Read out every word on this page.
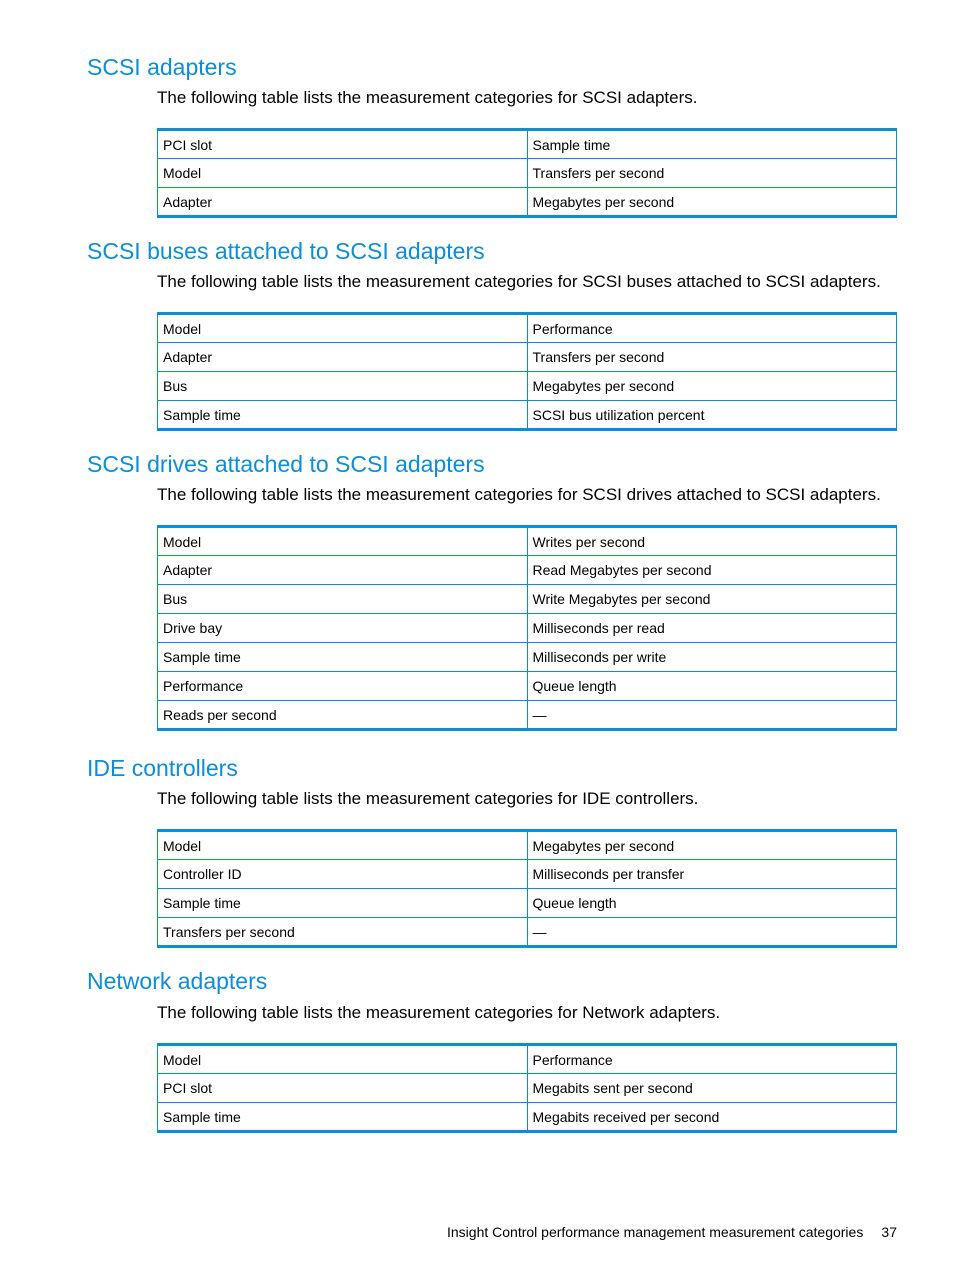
SCSI adapters

The following table lists the measurement categories for SCSI adapters.

PCI slot	Sample time
Model	Transfers per second
Adapter	Megabytes per second
SCSI buses attached to SCSI adapters

The following table lists the measurement categories for SCSI buses attached to SCSI adapters.

Model	Performance
Adapter	Transfers per second
Bus	Megabytes per second
Sample time	SCSI bus utilization percent
SCSI drives attached to SCSI adapters

The following table lists the measurement categories for SCSI drives attached to SCSI adapters.

Model	Writes per second
Adapter	Read Megabytes per second
Bus	Write Megabytes per second
Drive bay	Milliseconds per read
Sample time	Milliseconds per write
Performance	Queue length
Reads per second	—
IDE controllers

The following table lists the measurement categories for IDE controllers.

Model	Megabytes per second
Controller ID	Milliseconds per transfer
Sample time	Queue length
Transfers per second	—
Network adapters

The following table lists the measurement categories for Network adapters.

Model	Performance
PCI slot	Megabits sent per second
Sample time	Megabits received per second
Insight Control performance management measurement categories 37
